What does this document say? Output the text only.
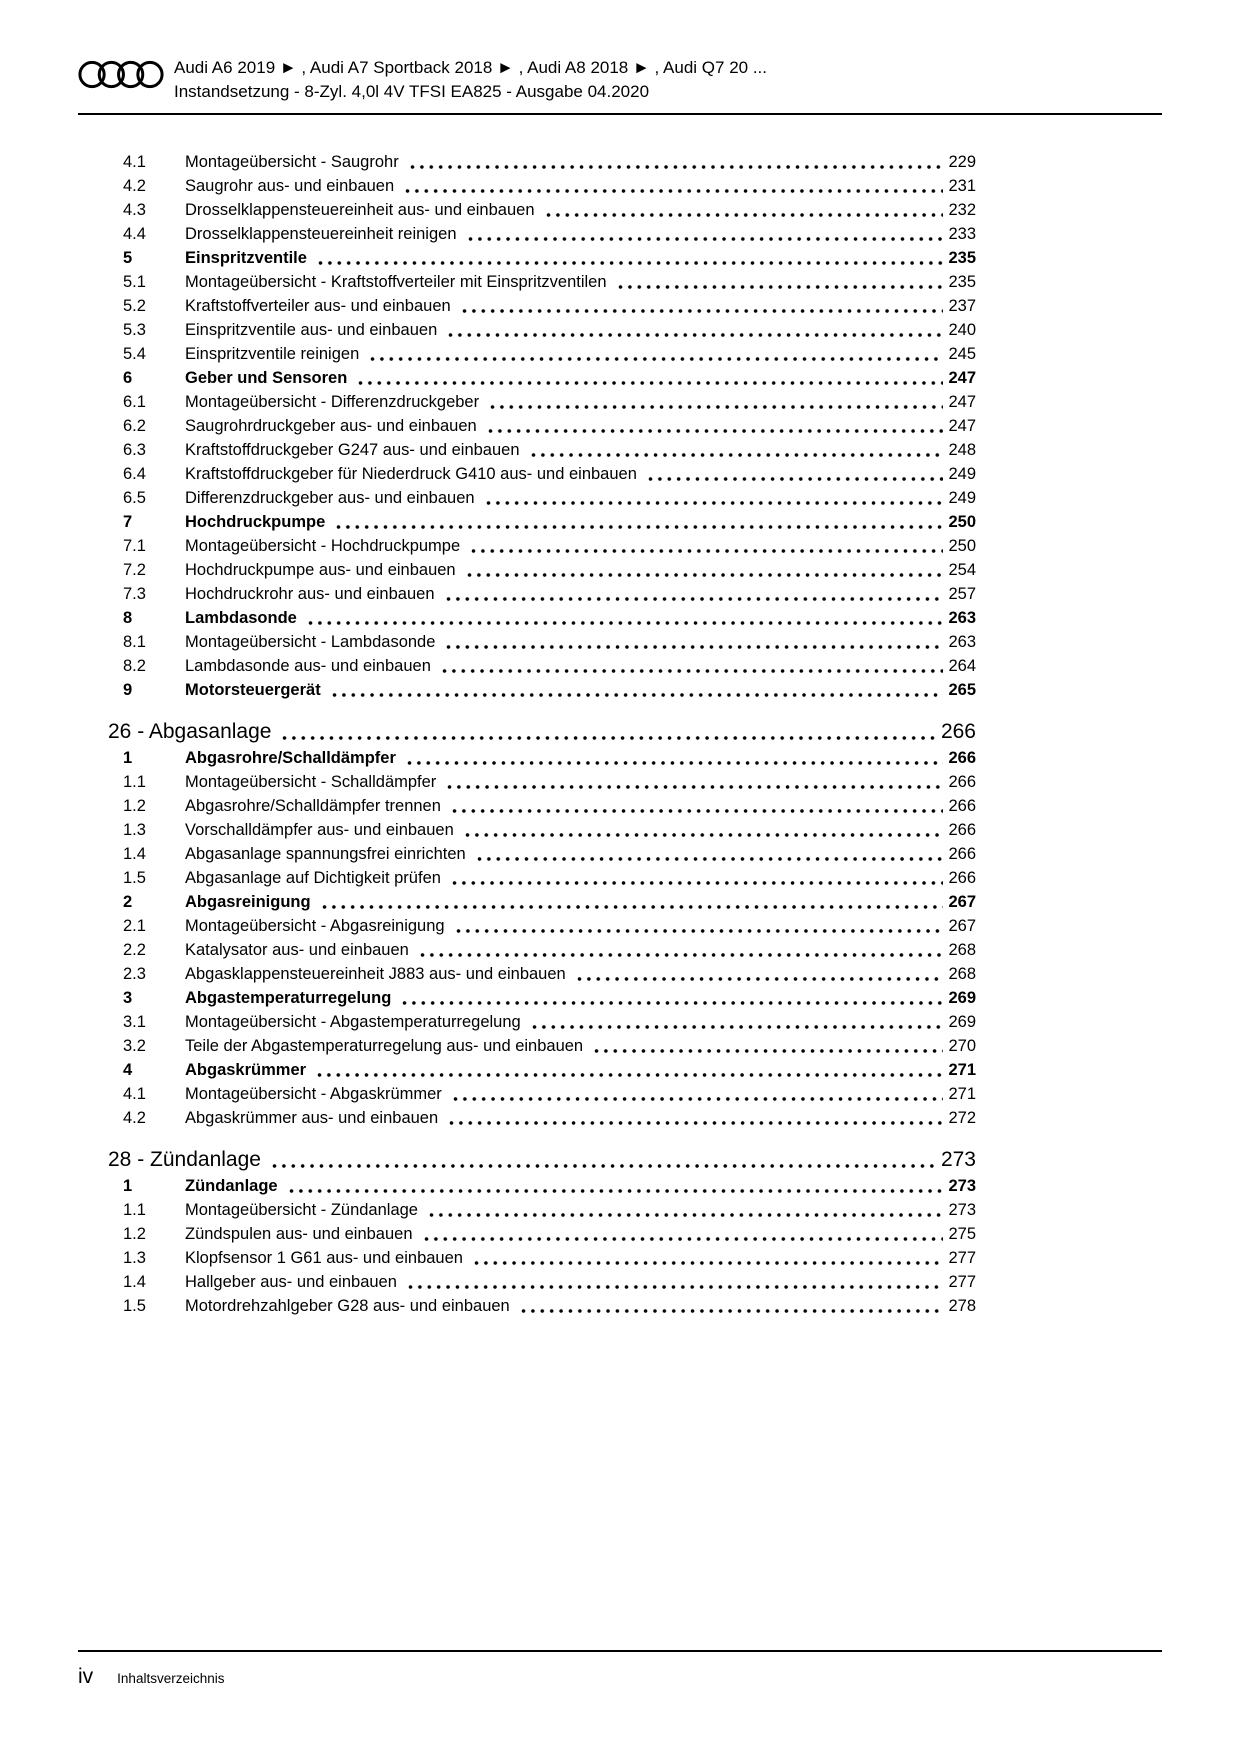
Audi A6 2019 ► , Audi A7 Sportback 2018 ► , Audi A8 2018 ► , Audi Q7 20 ...
Instandsetzung - 8-Zyl. 4,0l 4V TFSI EA825 - Ausgabe 04.2020
4.1	Montageübersicht - Saugrohr	229
4.2	Saugrohr aus- und einbauen	231
4.3	Drosselklappensteuereinheit aus- und einbauen	232
4.4	Drosselklappensteuereinheit reinigen	233
5	Einspritzventile	235
5.1	Montageübersicht - Kraftstoffverteiler mit Einspritzventilen	235
5.2	Kraftstoffverteiler aus- und einbauen	237
5.3	Einspritzventile aus- und einbauen	240
5.4	Einspritzventile reinigen	245
6	Geber und Sensoren	247
6.1	Montageübersicht - Differenzdruckgeber	247
6.2	Saugrohrdruckgeber aus- und einbauen	247
6.3	Kraftstoffdruckgeber G247 aus- und einbauen	248
6.4	Kraftstoffdruckgeber für Niederdruck G410 aus- und einbauen	249
6.5	Differenzdruckgeber aus- und einbauen	249
7	Hochdruckpumpe	250
7.1	Montageübersicht - Hochdruckpumpe	250
7.2	Hochdruckpumpe aus- und einbauen	254
7.3	Hochdruckrohr aus- und einbauen	257
8	Lambdasonde	263
8.1	Montageübersicht - Lambdasonde	263
8.2	Lambdasonde aus- und einbauen	264
9	Motorsteuergerät	265
26 - Abgasanlage	266
1	Abgasrohre/Schalldämpfer	266
1.1	Montageübersicht - Schalldämpfer	266
1.2	Abgasrohre/Schalldämpfer trennen	266
1.3	Vorschalldämpfer aus- und einbauen	266
1.4	Abgasanlage spannungsfrei einrichten	266
1.5	Abgasanlage auf Dichtigkeit prüfen	266
2	Abgasreinigung	267
2.1	Montageübersicht - Abgasreinigung	267
2.2	Katalysator aus- und einbauen	268
2.3	Abgasklappensteuereinheit J883 aus- und einbauen	268
3	Abgastemperaturregelung	269
3.1	Montageübersicht - Abgastemperaturregelung	269
3.2	Teile der Abgastemperaturregelung aus- und einbauen	270
4	Abgaskrümmer	271
4.1	Montageübersicht - Abgaskrümmer	271
4.2	Abgaskrümmer aus- und einbauen	272
28 - Zündanlage	273
1	Zündanlage	273
1.1	Montageübersicht - Zündanlage	273
1.2	Zündspulen aus- und einbauen	275
1.3	Klopfsensor 1 G61 aus- und einbauen	277
1.4	Hallgeber aus- und einbauen	277
1.5	Motordrehzahlgeber G28 aus- und einbauen	278
iv Inhaltsverzeichnis
